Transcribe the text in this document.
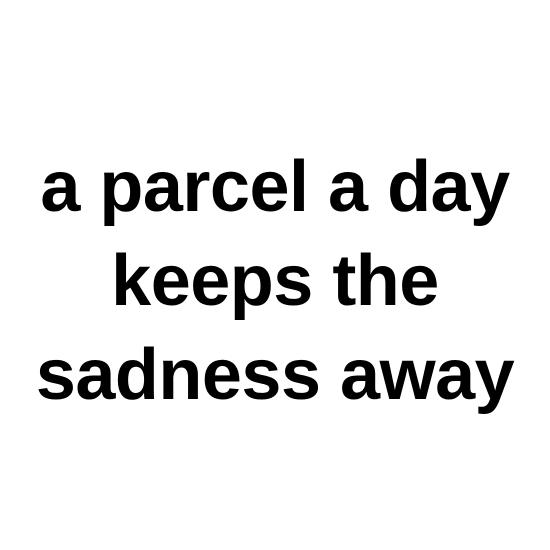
a parcel a day
keeps the
sadness away
